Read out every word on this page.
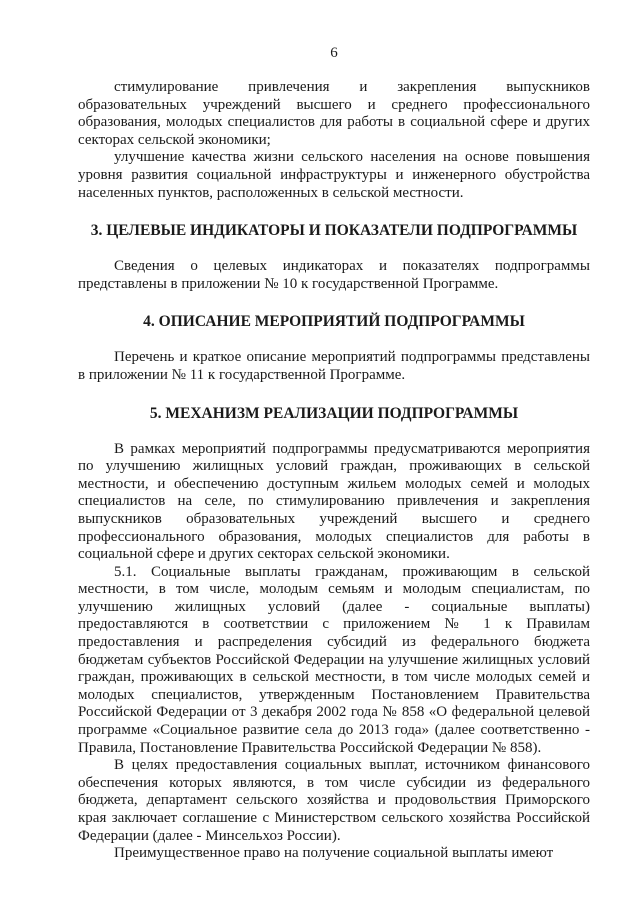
6

стимулирование привлечения и закрепления выпускников образовательных учреждений высшего и среднего профессионального образования, молодых специалистов для работы в социальной сфере и других секторах сельской экономики;

улучшение качества жизни сельского населения на основе повышения уровня развития социальной инфраструктуры и инженерного обустройства населенных пунктов, расположенных в сельской местности.

3. ЦЕЛЕВЫЕ ИНДИКАТОРЫ И ПОКАЗАТЕЛИ ПОДПРОГРАММЫ

Сведения о целевых индикаторах и показателях подпрограммы представлены в приложении № 10 к государственной Программе.

4. ОПИСАНИЕ МЕРОПРИЯТИЙ ПОДПРОГРАММЫ

Перечень и краткое описание мероприятий подпрограммы представлены в приложении № 11 к государственной Программе.

5. МЕХАНИЗМ РЕАЛИЗАЦИИ ПОДПРОГРАММЫ

В рамках мероприятий подпрограммы предусматриваются мероприятия по улучшению жилищных условий граждан, проживающих в сельской местности, и обеспечению доступным жильем молодых семей и молодых специалистов на селе, по стимулированию привлечения и закрепления выпускников образовательных учреждений высшего и среднего профессионального образования, молодых специалистов для работы в социальной сфере и других секторах сельской экономики.

5.1. Социальные выплаты гражданам, проживающим в сельской местности, в том числе, молодым семьям и молодым специалистам, по улучшению жилищных условий (далее - социальные выплаты) предоставляются в соответствии с приложением № 1 к Правилам предоставления и распределения субсидий из федерального бюджета бюджетам субъектов Российской Федерации на улучшение жилищных условий граждан, проживающих в сельской местности, в том числе молодых семей и молодых специалистов, утвержденным Постановлением Правительства Российской Федерации от 3 декабря 2002 года № 858 «О федеральной целевой программе «Социальное развитие села до 2013 года» (далее соответственно - Правила, Постановление Правительства Российской Федерации № 858).

В целях предоставления социальных выплат, источником финансового обеспечения которых являются, в том числе субсидии из федерального бюджета, департамент сельского хозяйства и продовольствия Приморского края заключает соглашение с Министерством сельского хозяйства Российской Федерации (далее - Минсельхоз России).

Преимущественное право на получение социальной выплаты имеют
